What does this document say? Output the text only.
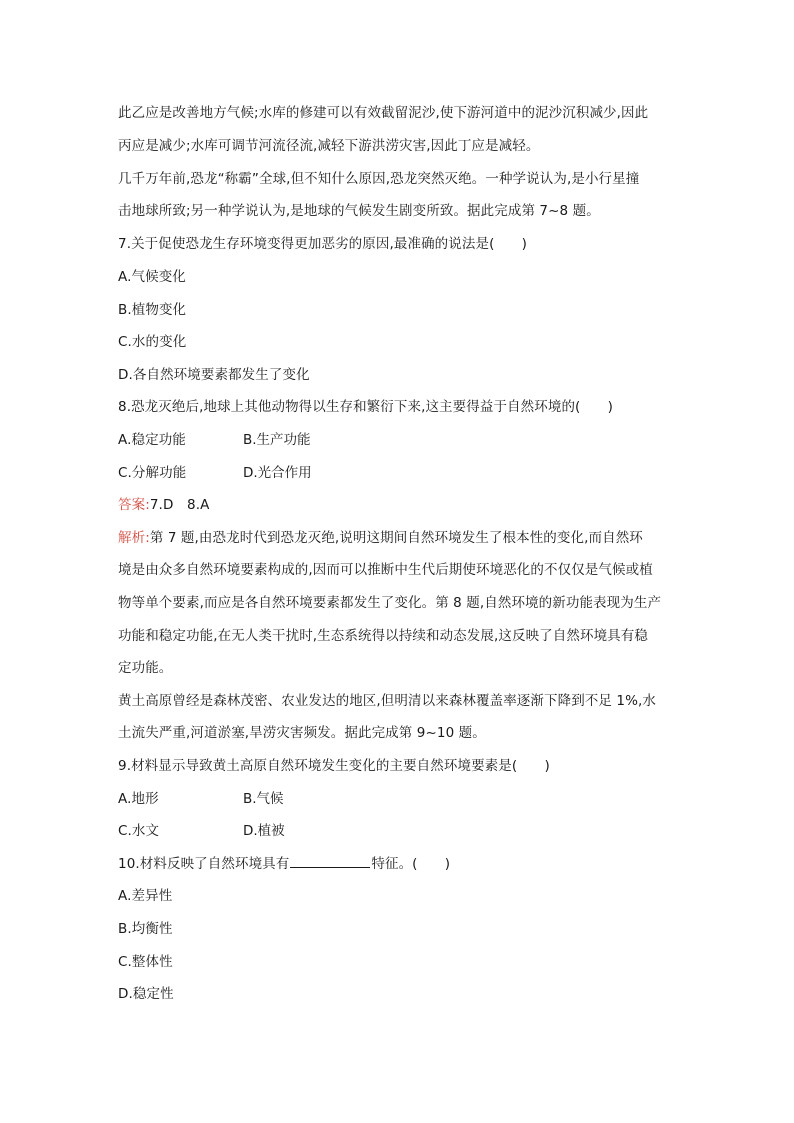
此乙应是改善地方气候;水库的修建可以有效截留泥沙,使下游河道中的泥沙沉积减少,因此
丙应是减少;水库可调节河流径流,减轻下游洪涝灾害,因此丁应是减轻。
几千万年前,恐龙“称霸”全球,但不知什么原因,恐龙突然灭绝。一种学说认为,是小行星撞
击地球所致;另一种学说认为,是地球的气候发生剧变所致。据此完成第 7~8 题。
7.关于促使恐龙生存环境变得更加恶劣的原因,最准确的说法是(　　)
A.气候变化
B.植物变化
C.水的变化
D.各自然环境要素都发生了变化
8.恐龙灭绝后,地球上其他动物得以生存和繁衍下来,这主要得益于自然环境的(　　)
A.稳定功能	B.生产功能
C.分解功能	D.光合作用
答案:7.D　8.A
解析:第 7 题,由恐龙时代到恐龙灭绝,说明这期间自然环境发生了根本性的变化,而自然环
境是由众多自然环境要素构成的,因而可以推断中生代后期使环境恶化的不仅仅是气候或植
物等单个要素,而应是各自然环境要素都发生了变化。第 8 题,自然环境的新功能表现为生产
功能和稳定功能,在无人类干扰时,生态系统得以持续和动态发展,这反映了自然环境具有稳
定功能。
黄土高原曾经是森林茂密、农业发达的地区,但明清以来森林覆盖率逐渐下降到不足 1%,水
土流失严重,河道淤塞,旱涝灾害频发。据此完成第 9~10 题。
9.材料显示导致黄土高原自然环境发生变化的主要自然环境要素是(　　)
A.地形	B.气候
C.水文	D.植被
10.材料反映了自然环境具有	特征。(　　)
A.差异性
B.均衡性
C.整体性
D.稳定性
